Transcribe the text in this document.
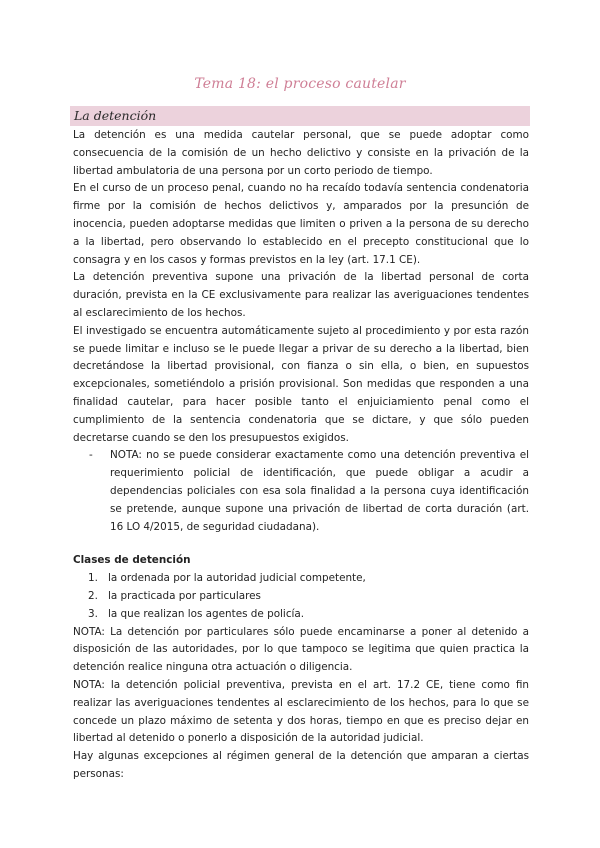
Tema 18: el proceso cautelar
La detención

La detención es una medida cautelar personal, que se puede adoptar como consecuencia de la comisión de un hecho delictivo y consiste en la privación de la libertad ambulatoria de una persona por un corto periodo de tiempo.

En el curso de un proceso penal, cuando no ha recaído todavía sentencia condenatoria firme por la comisión de hechos delictivos y, amparados por la presunción de inocencia, pueden adoptarse medidas que limiten o priven a la persona de su derecho a la libertad, pero observando lo establecido en el precepto constitucional que lo consagra y en los casos y formas previstos en la ley (art. 17.1 CE).

La detención preventiva supone una privación de la libertad personal de corta duración, prevista en la CE exclusivamente para realizar las averiguaciones tendentes al esclarecimiento de los hechos.

El investigado se encuentra automáticamente sujeto al procedimiento y por esta razón se puede limitar e incluso se le puede llegar a privar de su derecho a la libertad, bien decretándose la libertad provisional, con fianza o sin ella, o bien, en supuestos excepcionales, sometiéndolo a prisión provisional. Son medidas que responden a una finalidad cautelar, para hacer posible tanto el enjuiciamiento penal como el cumplimiento de la sentencia condenatoria que se dictare, y que sólo pueden decretarse cuando se den los presupuestos exigidos.

-	NOTA: no se puede considerar exactamente como una detención preventiva el requerimiento policial de identificación, que puede obligar a acudir a dependencias policiales con esa sola finalidad a la persona cuya identificación se pretende, aunque supone una privación de libertad de corta duración (art. 16 LO 4/2015, de seguridad ciudadana).
Clases de detención
1. la ordenada por la autoridad judicial competente,
2. la practicada por particulares
3. la que realizan los agentes de policía.

NOTA: La detención por particulares sólo puede encaminarse a poner al detenido a disposición de las autoridades, por lo que tampoco se legitima que quien practica la detención realice ninguna otra actuación o diligencia.

NOTA: la detención policial preventiva, prevista en el art. 17.2 CE, tiene como fin realizar las averiguaciones tendentes al esclarecimiento de los hechos, para lo que se concede un plazo máximo de setenta y dos horas, tiempo en que es preciso dejar en libertad al detenido o ponerlo a disposición de la autoridad judicial.

Hay algunas excepciones al régimen general de la detención que amparan a ciertas personas:
